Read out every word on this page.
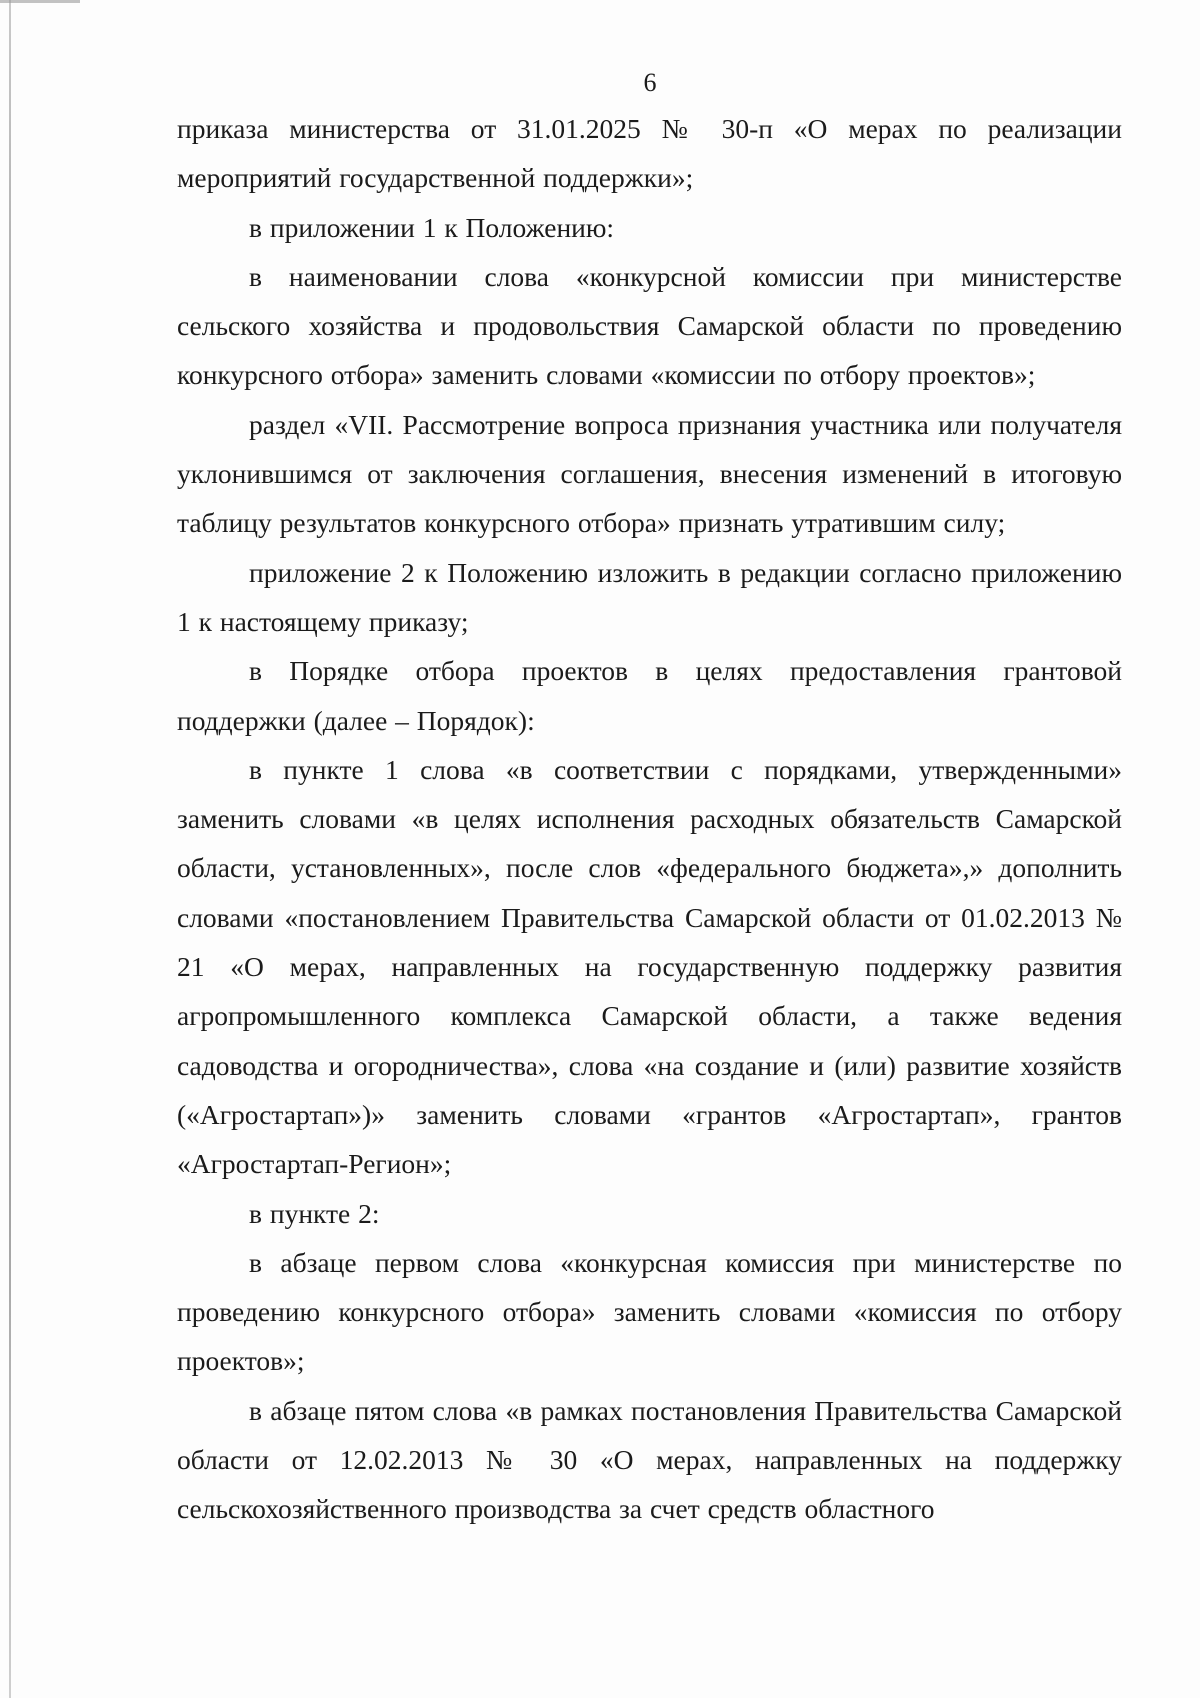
6

приказа министерства от 31.01.2025 № 30-п «О мерах по реализации мероприятий государственной поддержки»;

в приложении 1 к Положению:

в наименовании слова «конкурсной комиссии при министерстве сельского хозяйства и продовольствия Самарской области по проведению конкурсного отбора» заменить словами «комиссии по отбору проектов»;

раздел «VII. Рассмотрение вопроса признания участника или получателя уклонившимся от заключения соглашения, внесения изменений в итоговую таблицу результатов конкурсного отбора» признать утратившим силу;

приложение 2 к Положению изложить в редакции согласно приложению 1 к настоящему приказу;

в Порядке отбора проектов в целях предоставления грантовой поддержки (далее – Порядок):

в пункте 1 слова «в соответствии с порядками, утвержденными» заменить словами «в целях исполнения расходных обязательств Самарской области, установленных», после слов «федерального бюджета»,» дополнить словами «постановлением Правительства Самарской области от 01.02.2013 № 21 «О мерах, направленных на государственную поддержку развития агропромышленного комплекса Самарской области, а также ведения садоводства и огородничества», слова «на создание и (или) развитие хозяйств («Агростартап»)» заменить словами «грантов «Агростартап», грантов «Агростартап-Регион»;

в пункте 2:

в абзаце первом слова «конкурсная комиссия при министерстве по проведению конкурсного отбора» заменить словами «комиссия по отбору проектов»;

в абзаце пятом слова «в рамках постановления Правительства Самарской области от 12.02.2013 № 30 «О мерах, направленных на поддержку сельскохозяйственного производства за счет средств областного
